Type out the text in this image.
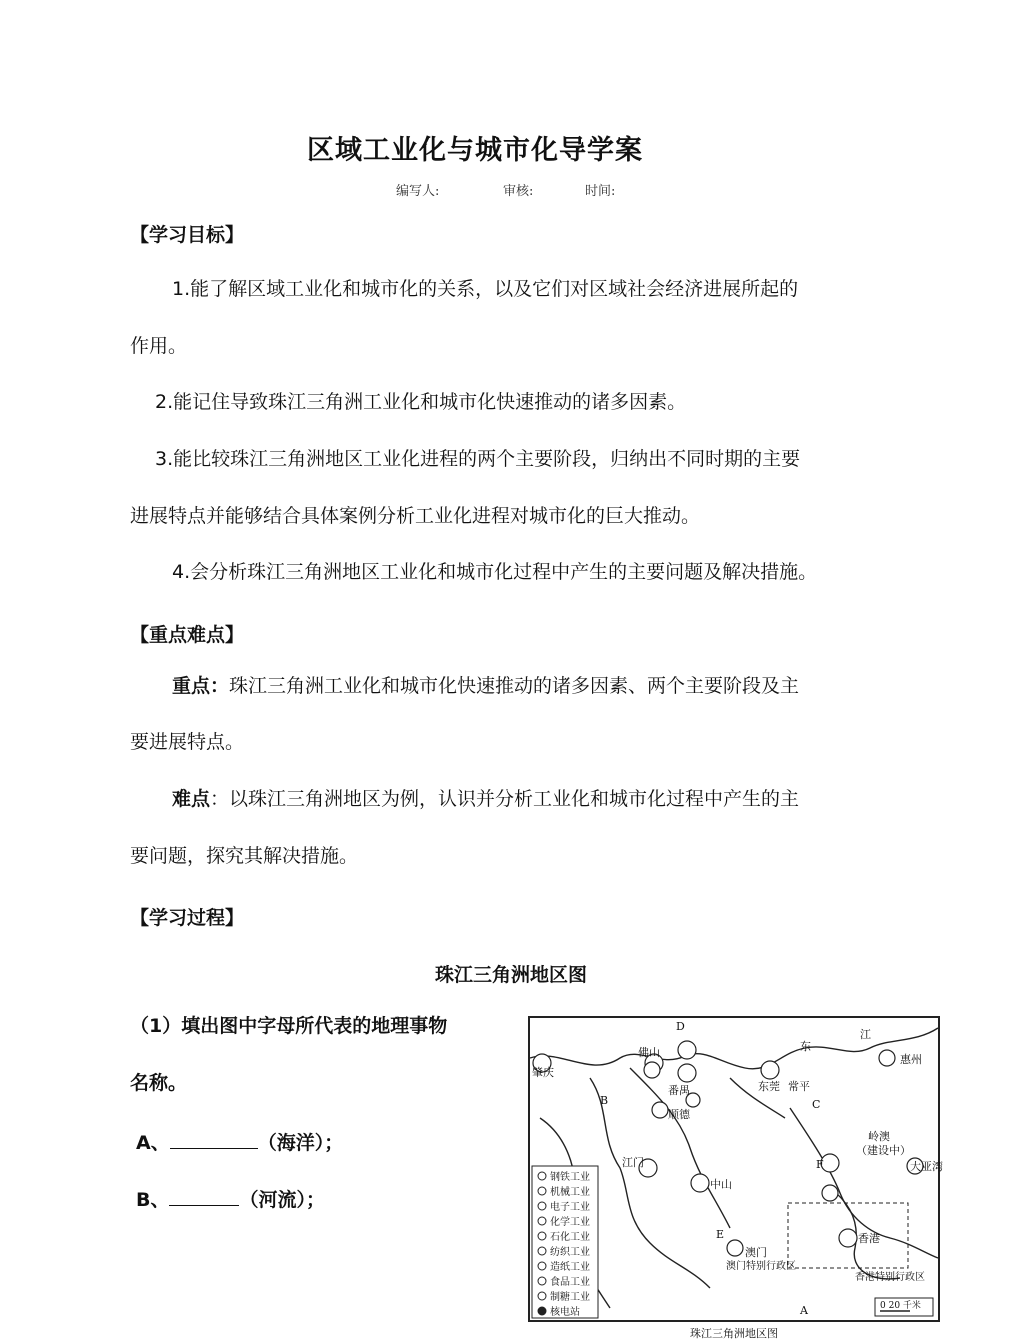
区域工业化与城市化导学案
编写人:	审核:	时间:
【学习目标】
1.能了解区域工业化和城市化的关系，以及它们对区域社会经济进展所起的
作用。
2.能记住导致珠江三角洲工业化和城市化快速推动的诸多因素。
3.能比较珠江三角洲地区工业化进程的两个主要阶段，归纳出不同时期的主要
进展特点并能够结合具体案例分析工业化进程对城市化的巨大推动。
4.会分析珠江三角洲地区工业化和城市化过程中产生的主要问题及解决措施。
【重点难点】
重点：珠江三角洲工业化和城市化快速推动的诸多因素、两个主要阶段及主
要进展特点。
难点：以珠江三角洲地区为例，认识并分析工业化和城市化过程中产生的主
要问题，探究其解决措施。
【学习过程】
珠江三角洲地区图
（1）填出图中字母所代表的地理事物
名称。
A、	（海洋）；
B、	（河流）；
肇庆
佛山
番禺
顺德
东莞 常平
惠州
江门
中山
澳门
香港
岭澳
（建设中）
大亚湾
东
江
D
B	C
F
E
A
澳门特别行政区
香港特别行政区
钢铁工业
机械工业
电子工业
化学工业
石化工业
纺织工业
造纸工业
食品工业
制糖工业
核电站
0 20 千米
珠江三角洲地区图
